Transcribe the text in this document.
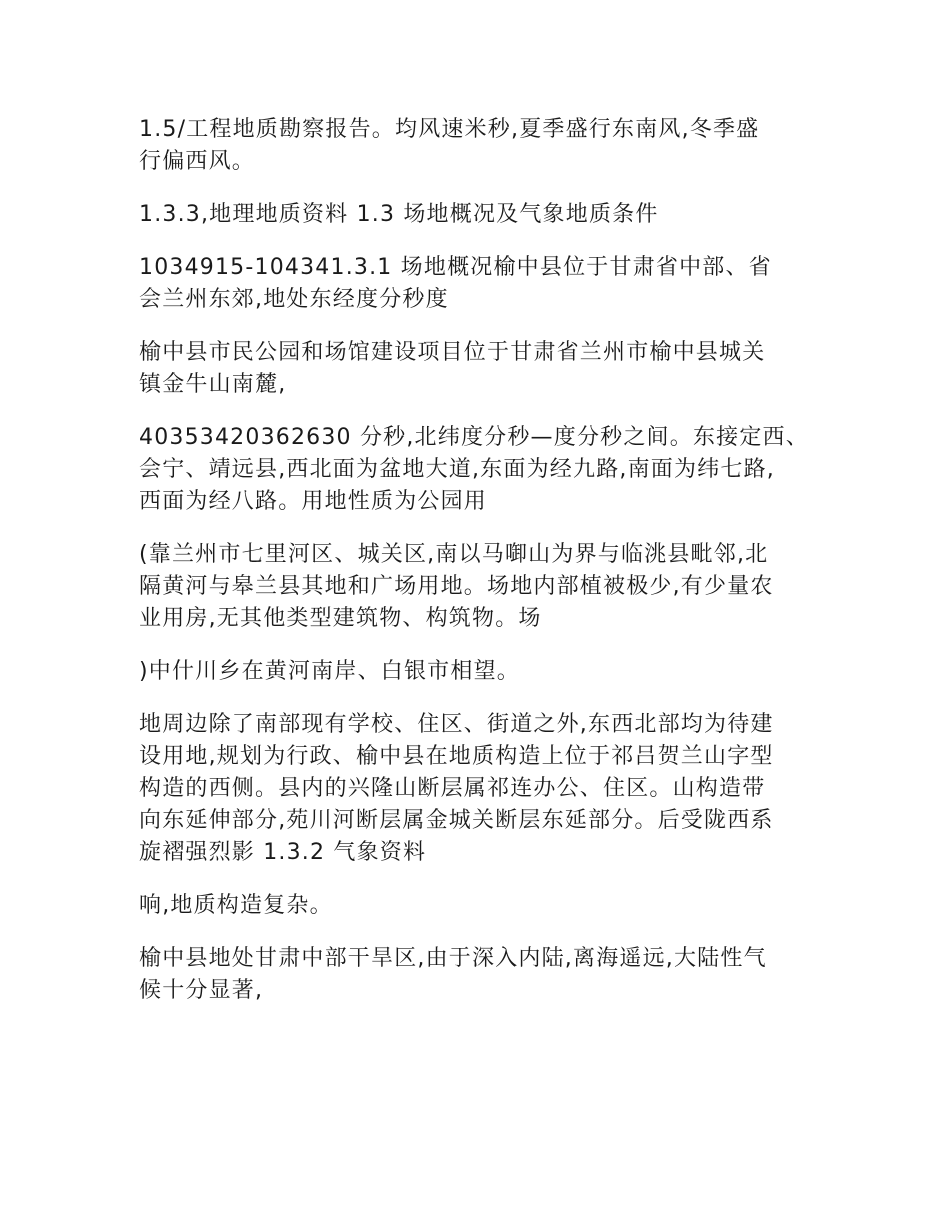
1.5/工程地质勘察报告。均风速米秒,夏季盛行东南风,冬季盛
行偏西风。

1.3.3,地理地质资料 1.3 场地概况及气象地质条件

1034915-104341.3.1 场地概况榆中县位于甘肃省中部、省
会兰州东郊,地处东经度分秒度

榆中县市民公园和场馆建设项目位于甘肃省兰州市榆中县城关
镇金牛山南麓,

40353420362630 分秒,北纬度分秒—度分秒之间。东接定西、
会宁、靖远县,西北面为盆地大道,东面为经九路,南面为纬七路,
西面为经八路。用地性质为公园用

(靠兰州市七里河区、城关区,南以马啣山为界与临洮县毗邻,北
隔黄河与皋兰县其地和广场用地。场地内部植被极少,有少量农
业用房,无其他类型建筑物、构筑物。场

)中什川乡在黄河南岸、白银市相望。

地周边除了南部现有学校、住区、街道之外,东西北部均为待建
设用地,规划为行政、榆中县在地质构造上位于祁吕贺兰山字型
构造的西侧。县内的兴隆山断层属祁连办公、住区。山构造带
向东延伸部分,苑川河断层属金城关断层东延部分。后受陇西系
旋褶强烈影 1.3.2 气象资料

响,地质构造复杂。

榆中县地处甘肃中部干旱区,由于深入内陆,离海遥远,大陆性气
候十分显著,
